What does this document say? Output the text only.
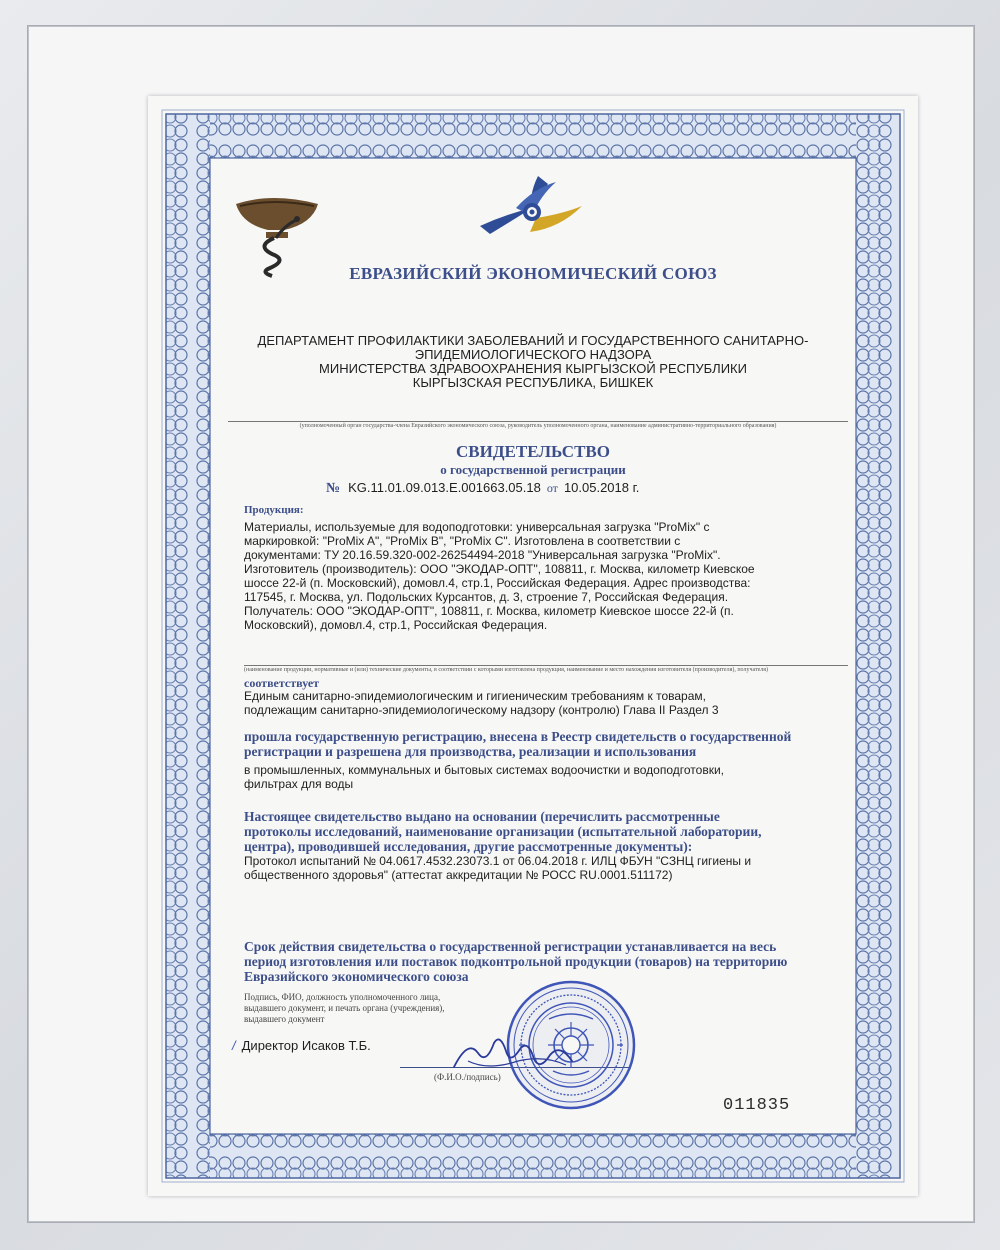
ЕВРАЗИЙСКИЙ ЭКОНОМИЧЕСКИЙ СОЮЗ
ДЕПАРТАМЕНТ ПРОФИЛАКТИКИ ЗАБОЛЕВАНИЙ И ГОСУДАРСТВЕННОГО САНИТАРНО-
ЭПИДЕМИОЛОГИЧЕСКОГО НАДЗОРА
МИНИСТЕРСТВА ЗДРАВООХРАНЕНИЯ КЫРГЫЗСКОЙ РЕСПУБЛИКИ
КЫРГЫЗСКАЯ РЕСПУБЛИКА, БИШКЕК
(уполномоченный орган государства-члена Евразийского экономического союза, руководитель уполномоченного органа, наименование административно-территориального образования)
СВИДЕТЕЛЬСТВО
о государственной регистрации
№ KG.11.01.09.013.E.001663.05.18 от 10.05.2018 г.
Продукция:
Материалы, используемые для водоподготовки: универсальная загрузка "ProMix" с
маркировкой: "ProMix A", "ProMix B", "ProMix C". Изготовлена в соответствии с
документами: ТУ 20.16.59.320-002-26254494-2018 "Универсальная загрузка "ProMix".
Изготовитель (производитель): ООО "ЭКОДАР-ОПТ", 108811, г. Москва, километр Киевское
шоссе 22-й (п. Московский), домовл.4, стр.1, Российская Федерация. Адрес производства:
117545, г. Москва, ул. Подольских Курсантов, д. 3, строение 7, Российская Федерация.
Получатель: ООО "ЭКОДАР-ОПТ", 108811, г. Москва, километр Киевское шоссе 22-й (п.
Московский), домовл.4, стр.1, Российская Федерация.
(наименование продукции, нормативные и (или) технические документы, в соответствии с которыми изготовлена продукция, наименование и место нахождения изготовителя (производителя), получателя)
соответствует
Единым санитарно-эпидемиологическим и гигиеническим требованиям к товарам,
подлежащим санитарно-эпидемиологическому надзору (контролю) Глава II Раздел 3
прошла государственную регистрацию, внесена в Реестр свидетельств о государственной
регистрации и разрешена для производства, реализации и использования
в промышленных, коммунальных и бытовых системах водоочистки и водоподготовки,
фильтрах для воды
Настоящее свидетельство выдано на основании (перечислить рассмотренные
протоколы исследований, наименование организации (испытательной лаборатории,
центра), проводившей исследования, другие рассмотренные документы):
Протокол испытаний № 04.0617.4532.23073.1 от 06.04.2018 г. ИЛЦ ФБУН "СЗНЦ гигиены и
общественного здоровья" (аттестат аккредитации № РОСС RU.0001.511172)
Срок действия свидетельства о государственной регистрации устанавливается на весь
период изготовления или поставок подконтрольной продукции (товаров) на территорию
Евразийского экономического союза
Подпись, ФИО, должность уполномоченного лица,
выдавшего документ, и печать органа (учреждения),
выдавшего документ
/ Директор Исаков Т.Б.
(Ф.И.О./подпись)
011835
